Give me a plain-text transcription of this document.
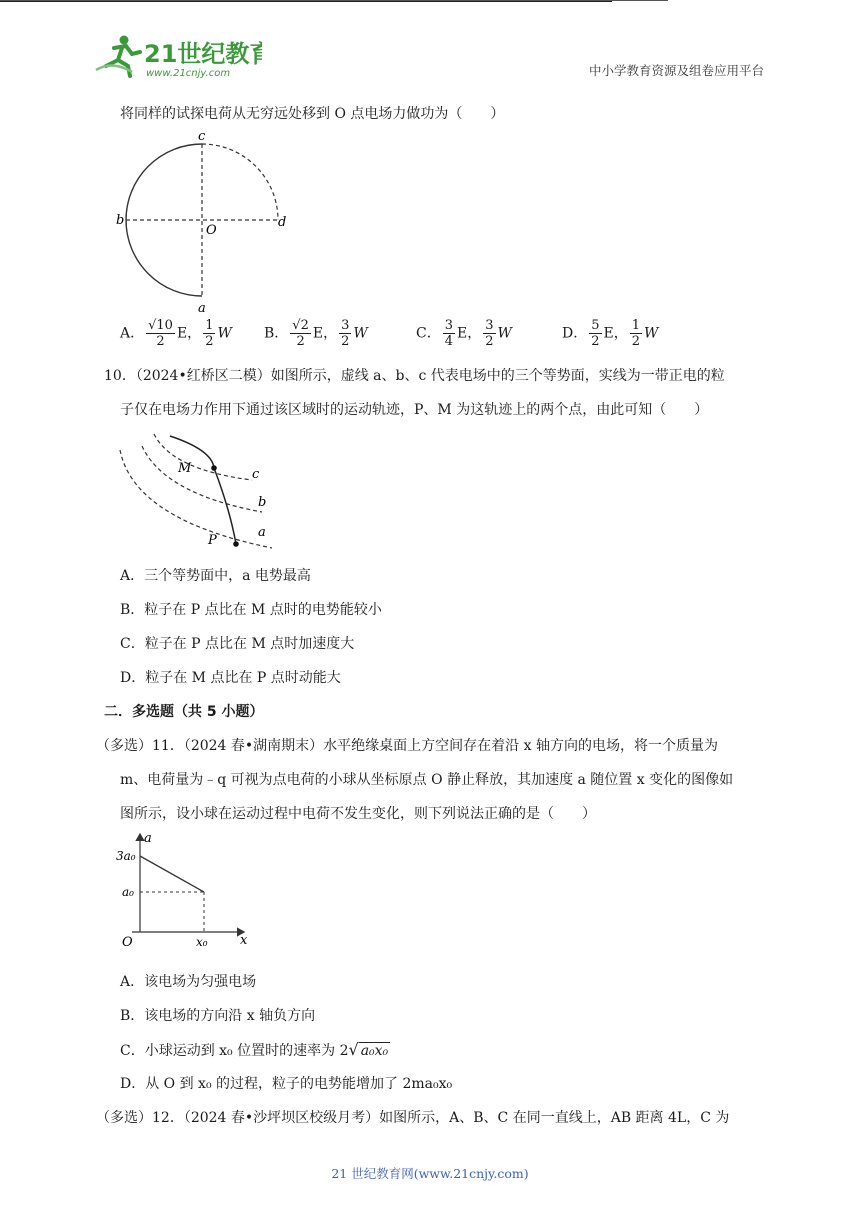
21世纪教育
www.21cnjy.com	中小学教育资源及组卷应用平台
将同样的试探电荷从无穷远处移到 O 点电场力做功为（　　）
c
b
O
d
a
A． $\frac{√10}{2}$ E， $\frac{1}{2}$ W B． $\frac{√2}{2}$ E， $\frac{3}{2}$ W	C． $\frac{3}{4}$ E， $\frac{3}{2}$ W	D． $\frac{5}{2}$ E， $\frac{1}{2}$ W
10．（2024•红桥区二模）如图所示，虚线 a、b、c 代表电场中的三个等势面，实线为一带正电的粒
子仅在电场力作用下通过该区域时的运动轨迹，P、M 为这轨迹上的两个点，由此可知（　　）
M
P
c
b
a
A．三个等势面中，a 电势最高
B．粒子在 P 点比在 M 点时的电势能较小
C．粒子在 P 点比在 M 点时加速度大
D．粒子在 M 点比在 P 点时动能大
二．多选题（共 5 小题）
（多选）11．（2024 春•湖南期末）水平绝缘桌面上方空间存在着沿 x 轴方向的电场，将一个质量为
m、电荷量为﹣q 可视为点电荷的小球从坐标原点 O 静止释放，其加速度 a 随位置 x 变化的图像如
图所示，设小球在运动过程中电荷不发生变化，则下列说法正确的是（　　）
a
x
O
3a₀
a₀
x₀
A．该电场为匀强电场
B．该电场的方向沿 x 轴负方向
C．小球运动到 x₀ 位置时的速率为 2√ a₀x₀
D．从 O 到 x₀ 的过程，粒子的电势能增加了 2ma₀x₀
（多选）12．（2024 春•沙坪坝区校级月考）如图所示，A、B、C 在同一直线上，AB 距离 4L，C 为
21 世纪教育网(www.21cnjy.com)
